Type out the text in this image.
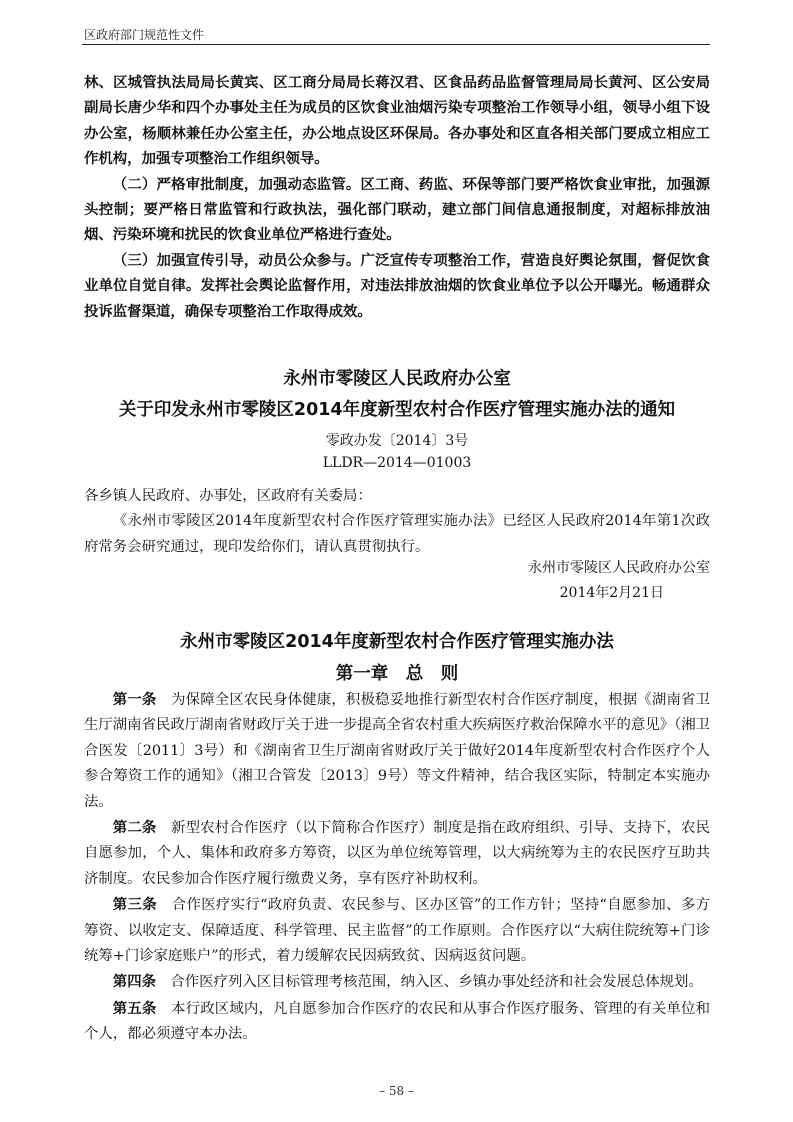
区政府部门规范性文件

林、区城管执法局局长黄宾、区工商分局局长蒋汉君、区食品药品监督管理局局长黄河、区公安局副局长唐少华和四个办事处主任为成员的区饮食业油烟污染专项整治工作领导小组，领导小组下设办公室，杨顺林兼任办公室主任，办公地点设区环保局。各办事处和区直各相关部门要成立相应工作机构，加强专项整治工作组织领导。

（二）严格审批制度，加强动态监管。区工商、药监、环保等部门要严格饮食业审批，加强源头控制；要严格日常监管和行政执法，强化部门联动，建立部门间信息通报制度，对超标排放油烟、污染环境和扰民的饮食业单位严格进行查处。

（三）加强宣传引导，动员公众参与。广泛宣传专项整治工作，营造良好舆论氛围，督促饮食业单位自觉自律。发挥社会舆论监督作用，对违法排放油烟的饮食业单位予以公开曝光。畅通群众投诉监督渠道，确保专项整治工作取得成效。

永州市零陵区人民政府办公室
关于印发永州市零陵区2014年度新型农村合作医疗管理实施办法的通知
零政办发〔2014〕3号
LLDR—2014—01003

各乡镇人民政府、办事处，区政府有关委局：

《永州市零陵区2014年度新型农村合作医疗管理实施办法》已经区人民政府2014年第1次政府常务会研究通过，现印发给你们，请认真贯彻执行。

永州市零陵区人民政府办公室
2014年2月21日
永州市零陵区2014年度新型农村合作医疗管理实施办法
第一章　总　则

第一条　为保障全区农民身体健康，积极稳妥地推行新型农村合作医疗制度，根据《湖南省卫生厅湖南省民政厅湖南省财政厅关于进一步提高全省农村重大疾病医疗救治保障水平的意见》（湘卫合医发〔2011〕3号）和《湖南省卫生厅湖南省财政厅关于做好2014年度新型农村合作医疗个人参合筹资工作的通知》（湘卫合管发〔2013〕9号）等文件精神，结合我区实际，特制定本实施办法。

第二条　新型农村合作医疗（以下简称合作医疗）制度是指在政府组织、引导、支持下，农民自愿参加，个人、集体和政府多方筹资，以区为单位统筹管理，以大病统筹为主的农民医疗互助共济制度。农民参加合作医疗履行缴费义务，享有医疗补助权利。

第三条　合作医疗实行“政府负责、农民参与、区办区管”的工作方针；坚持“自愿参加、多方筹资、以收定支、保障适度、科学管理、民主监督”的工作原则。合作医疗以“大病住院统筹+门诊统筹+门诊家庭账户”的形式，着力缓解农民因病致贫、因病返贫问题。

第四条　合作医疗列入区目标管理考核范围，纳入区、乡镇办事处经济和社会发展总体规划。

第五条　本行政区域内，凡自愿参加合作医疗的农民和从事合作医疗服务、管理的有关单位和个人，都必须遵守本办法。

– 58 –
